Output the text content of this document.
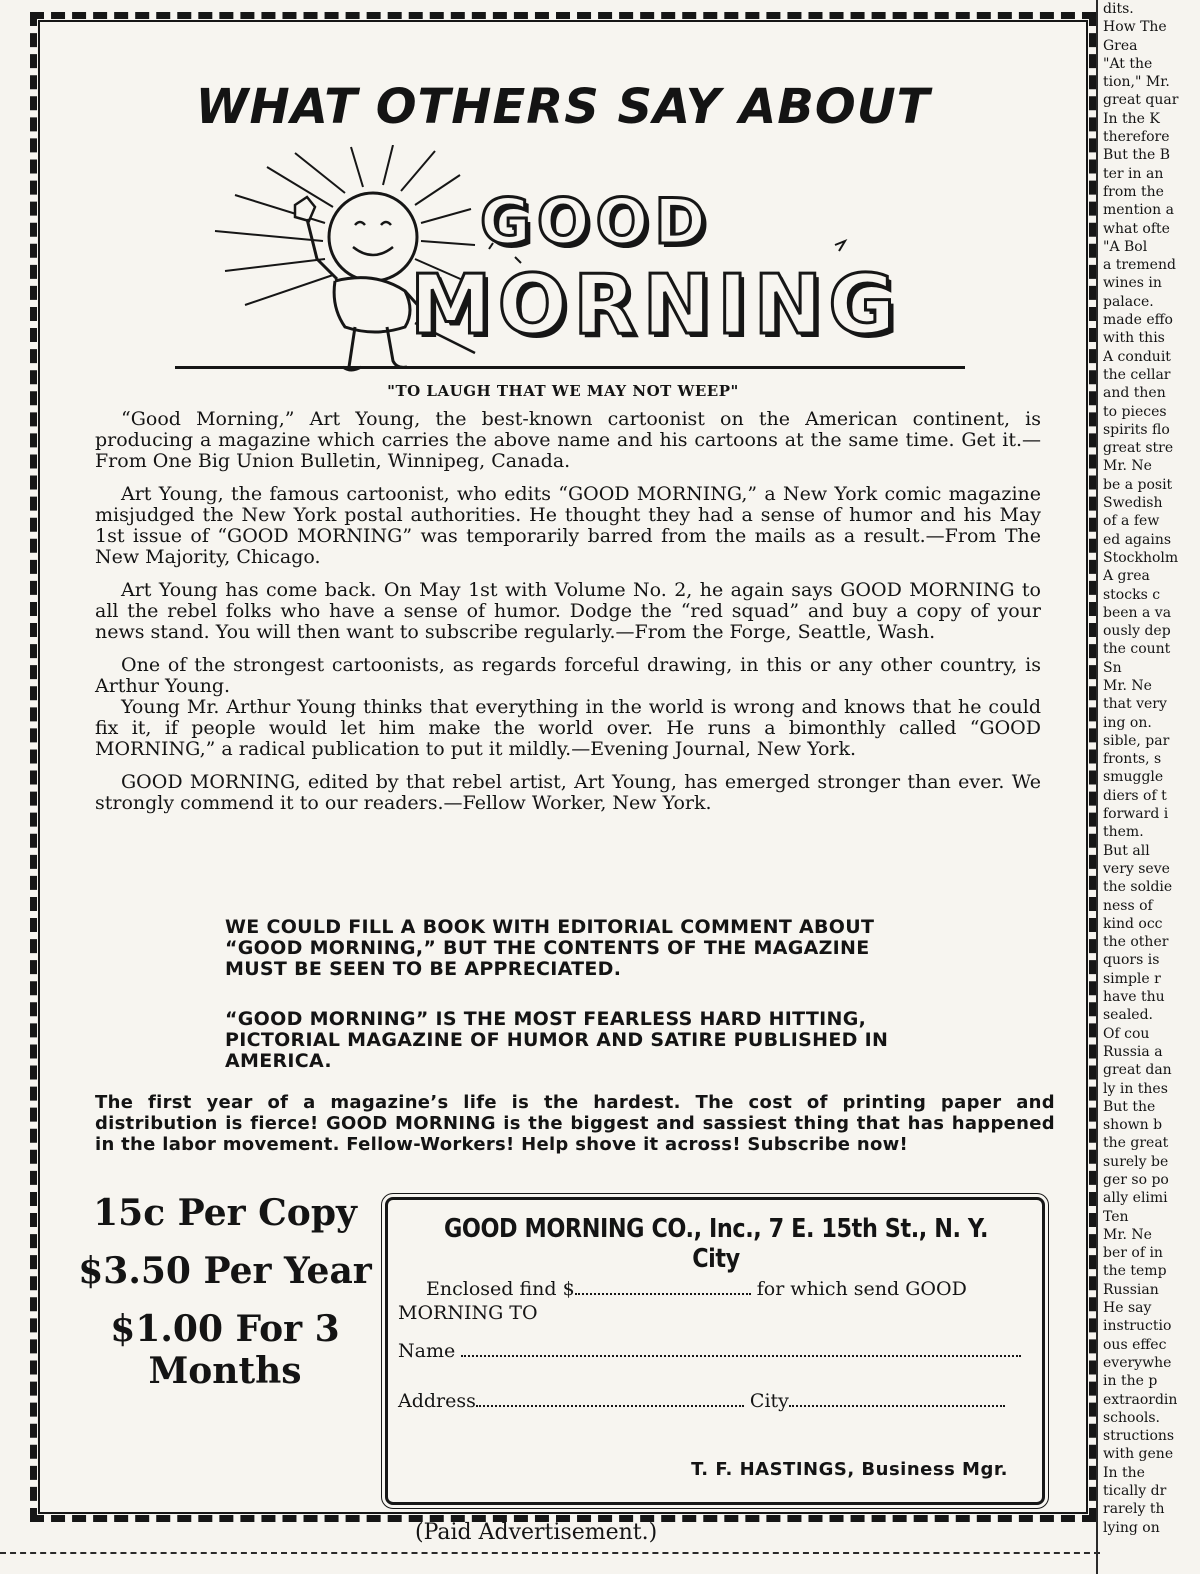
WHAT OTHERS SAY ABOUT
GOOD
MORNING
"TO LAUGH THAT WE MAY NOT WEEP"

“Good Morning,” Art Young, the best-known cartoonist on the American continent, is producing a magazine which carries the above name and his cartoons at the same time. Get it.—From One Big Union Bulletin, Winnipeg, Canada.

Art Young, the famous cartoonist, who edits “GOOD MORNING,” a New York comic magazine misjudged the New York postal authorities. He thought they had a sense of humor and his May 1st issue of “GOOD MORNING” was temporarily barred from the mails as a result.—From The New Majority, Chicago.

Art Young has come back. On May 1st with Volume No. 2, he again says GOOD MORNING to all the rebel folks who have a sense of humor. Dodge the “red squad” and buy a copy of your news stand. You will then want to subscribe regularly.—From the Forge, Seattle, Wash.

One of the strongest cartoonists, as regards forceful drawing, in this or any other country, is Arthur Young.

Young Mr. Arthur Young thinks that everything in the world is wrong and knows that he could fix it, if people would let him make the world over. He runs a bimonthly called “GOOD MORNING,” a radical publication to put it mildly.—Evening Journal, New York.

GOOD MORNING, edited by that rebel artist, Art Young, has emerged stronger than ever. We strongly commend it to our readers.—Fellow Worker, New York.

WE COULD FILL A BOOK WITH EDITORIAL COMMENT ABOUT “GOOD MORNING,” BUT THE CONTENTS OF THE MAGAZINE MUST BE SEEN TO BE APPRECIATED.
“GOOD MORNING” IS THE MOST FEARLESS HARD HITTING, PICTORIAL MAGAZINE OF HUMOR AND SATIRE PUBLISHED IN AMERICA.
The first year of a magazine’s life is the hardest. The cost of printing paper and distribution is fierce! GOOD MORNING is the biggest and sassiest thing that has happened in the labor movement. Fellow-Workers! Help shove it across! Subscribe now!
15c Per Copy
$3.50 Per Year
$1.00 For 3 Months
GOOD MORNING CO., Inc., 7 E. 15th St., N. Y. City
Enclosed find $	for which send GOOD
MORNING TO
Name
Address	City
T. F. HASTINGS, Business Mgr.
(Paid Advertisement.)
dits.
How The
Grea
"At the
tion," Mr.
great quar
In the K
therefore
But the B
ter in an
from the
mention a
what ofte
"A Bol
a tremend
wines in
palace.
made effo
with this
A conduit
the cellar
and then
to pieces
spirits flo
great stre
Mr. Ne
be a posit
Swedish
of a few
ed agains
Stockholm
A grea
stocks c
been a va
ously dep
the count
Sn
Mr. Ne
that very
ing on.
sible, par
fronts, s
smuggle
diers of t
forward i
them.
But all
very seve
the soldie
ness of
kind occ
the other
quors is
simple r
have thu
sealed.
Of cou
Russia a
great dan
ly in thes
But the
shown b
the great
surely be
ger so po
ally elimi
Ten
Mr. Ne
ber of in
the temp
Russian
He say
instructio
ous effec
everywhe
in the p
extraordin
schools.
structions
with gene
In the
tically dr
rarely th
lying on
